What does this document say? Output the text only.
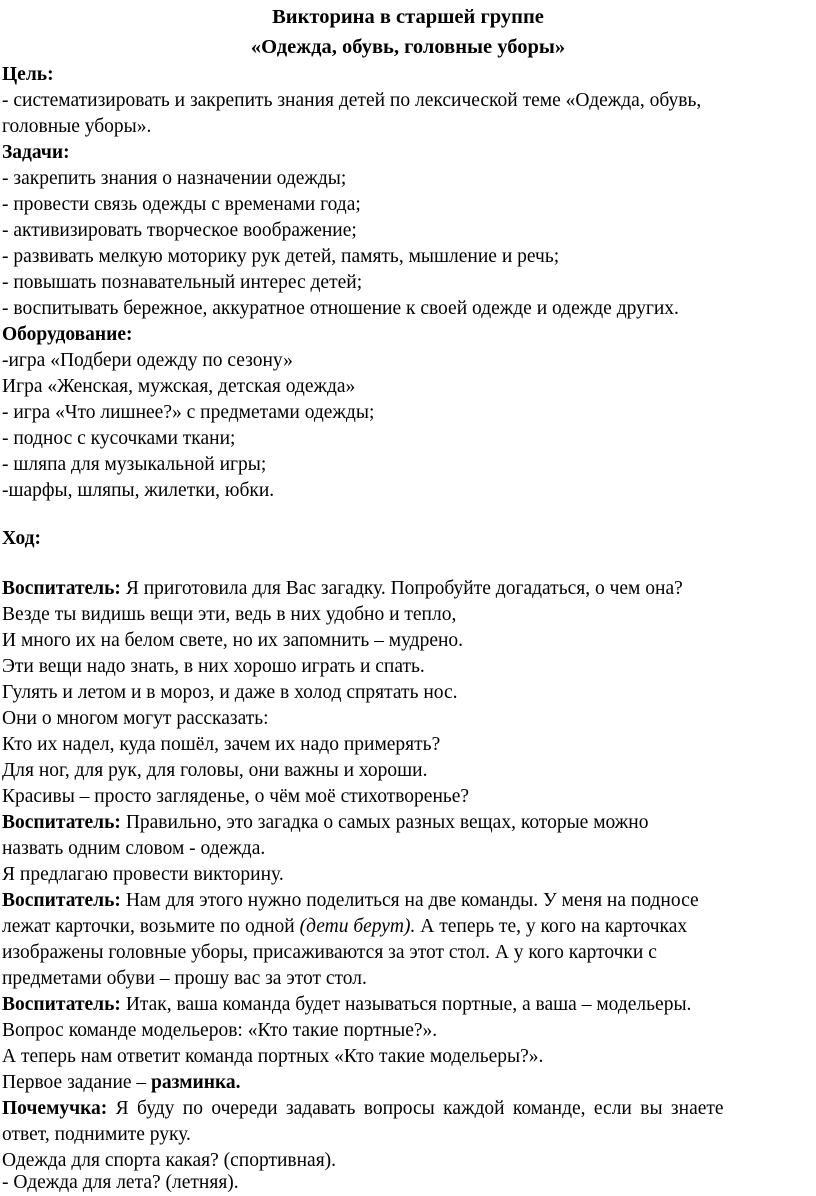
Викторина в старшей группе
«Одежда, обувь, головные уборы»
Цель:
- систематизировать и закрепить знания детей по лексической теме «Одежда, обувь,
головные уборы».
Задачи:
- закрепить знания о назначении одежды;
- провести связь одежды с временами года;
- активизировать творческое воображение;
- развивать мелкую моторику рук детей, память, мышление и речь;
- повышать познавательный интерес детей;
- воспитывать бережное, аккуратное отношение к своей одежде и одежде других.
Оборудование:
-игра «Подбери одежду по сезону»
Игра «Женская, мужская, детская одежда»
- игра «Что лишнее?» с предметами одежды;
- поднос с кусочками ткани;
- шляпа для музыкальной игры;
-шарфы, шляпы, жилетки, юбки.
Ход:
Воспитатель: Я приготовила для Вас загадку. Попробуйте догадаться, о чем она?
Везде ты видишь вещи эти, ведь в них удобно и тепло,
И много их на белом свете, но их запомнить – мудрено.
Эти вещи надо знать, в них хорошо играть и спать.
Гулять и летом и в мороз, и даже в холод спрятать нос.
Они о многом могут рассказать:
Кто их надел, куда пошёл, зачем их надо примерять?
Для ног, для рук, для головы, они важны и хороши.
Красивы – просто загляденье, о чём моё стихотворенье?
Воспитатель: Правильно, это загадка о самых разных вещах, которые можно
назвать одним словом - одежда.
Я предлагаю провести викторину.
Воспитатель: Нам для этого нужно поделиться на две команды. У меня на подносе
лежат карточки, возьмите по одной (дети берут). А теперь те, у кого на карточках
изображены головные уборы, присаживаются за этот стол. А у кого карточки с
предметами обуви – прошу вас за этот стол.
Воспитатель: Итак, ваша команда будет называться портные, а ваша – модельеры.
Вопрос команде модельеров: «Кто такие портные?».
А теперь нам ответит команда портных «Кто такие модельеры?».
Первое задание – разминка.
Почемучка: Я буду по очереди задавать вопросы каждой команде, если вы знаете
ответ, поднимите руку.
Одежда для спорта какая? (спортивная).
- Одежда для лета? (летняя).
